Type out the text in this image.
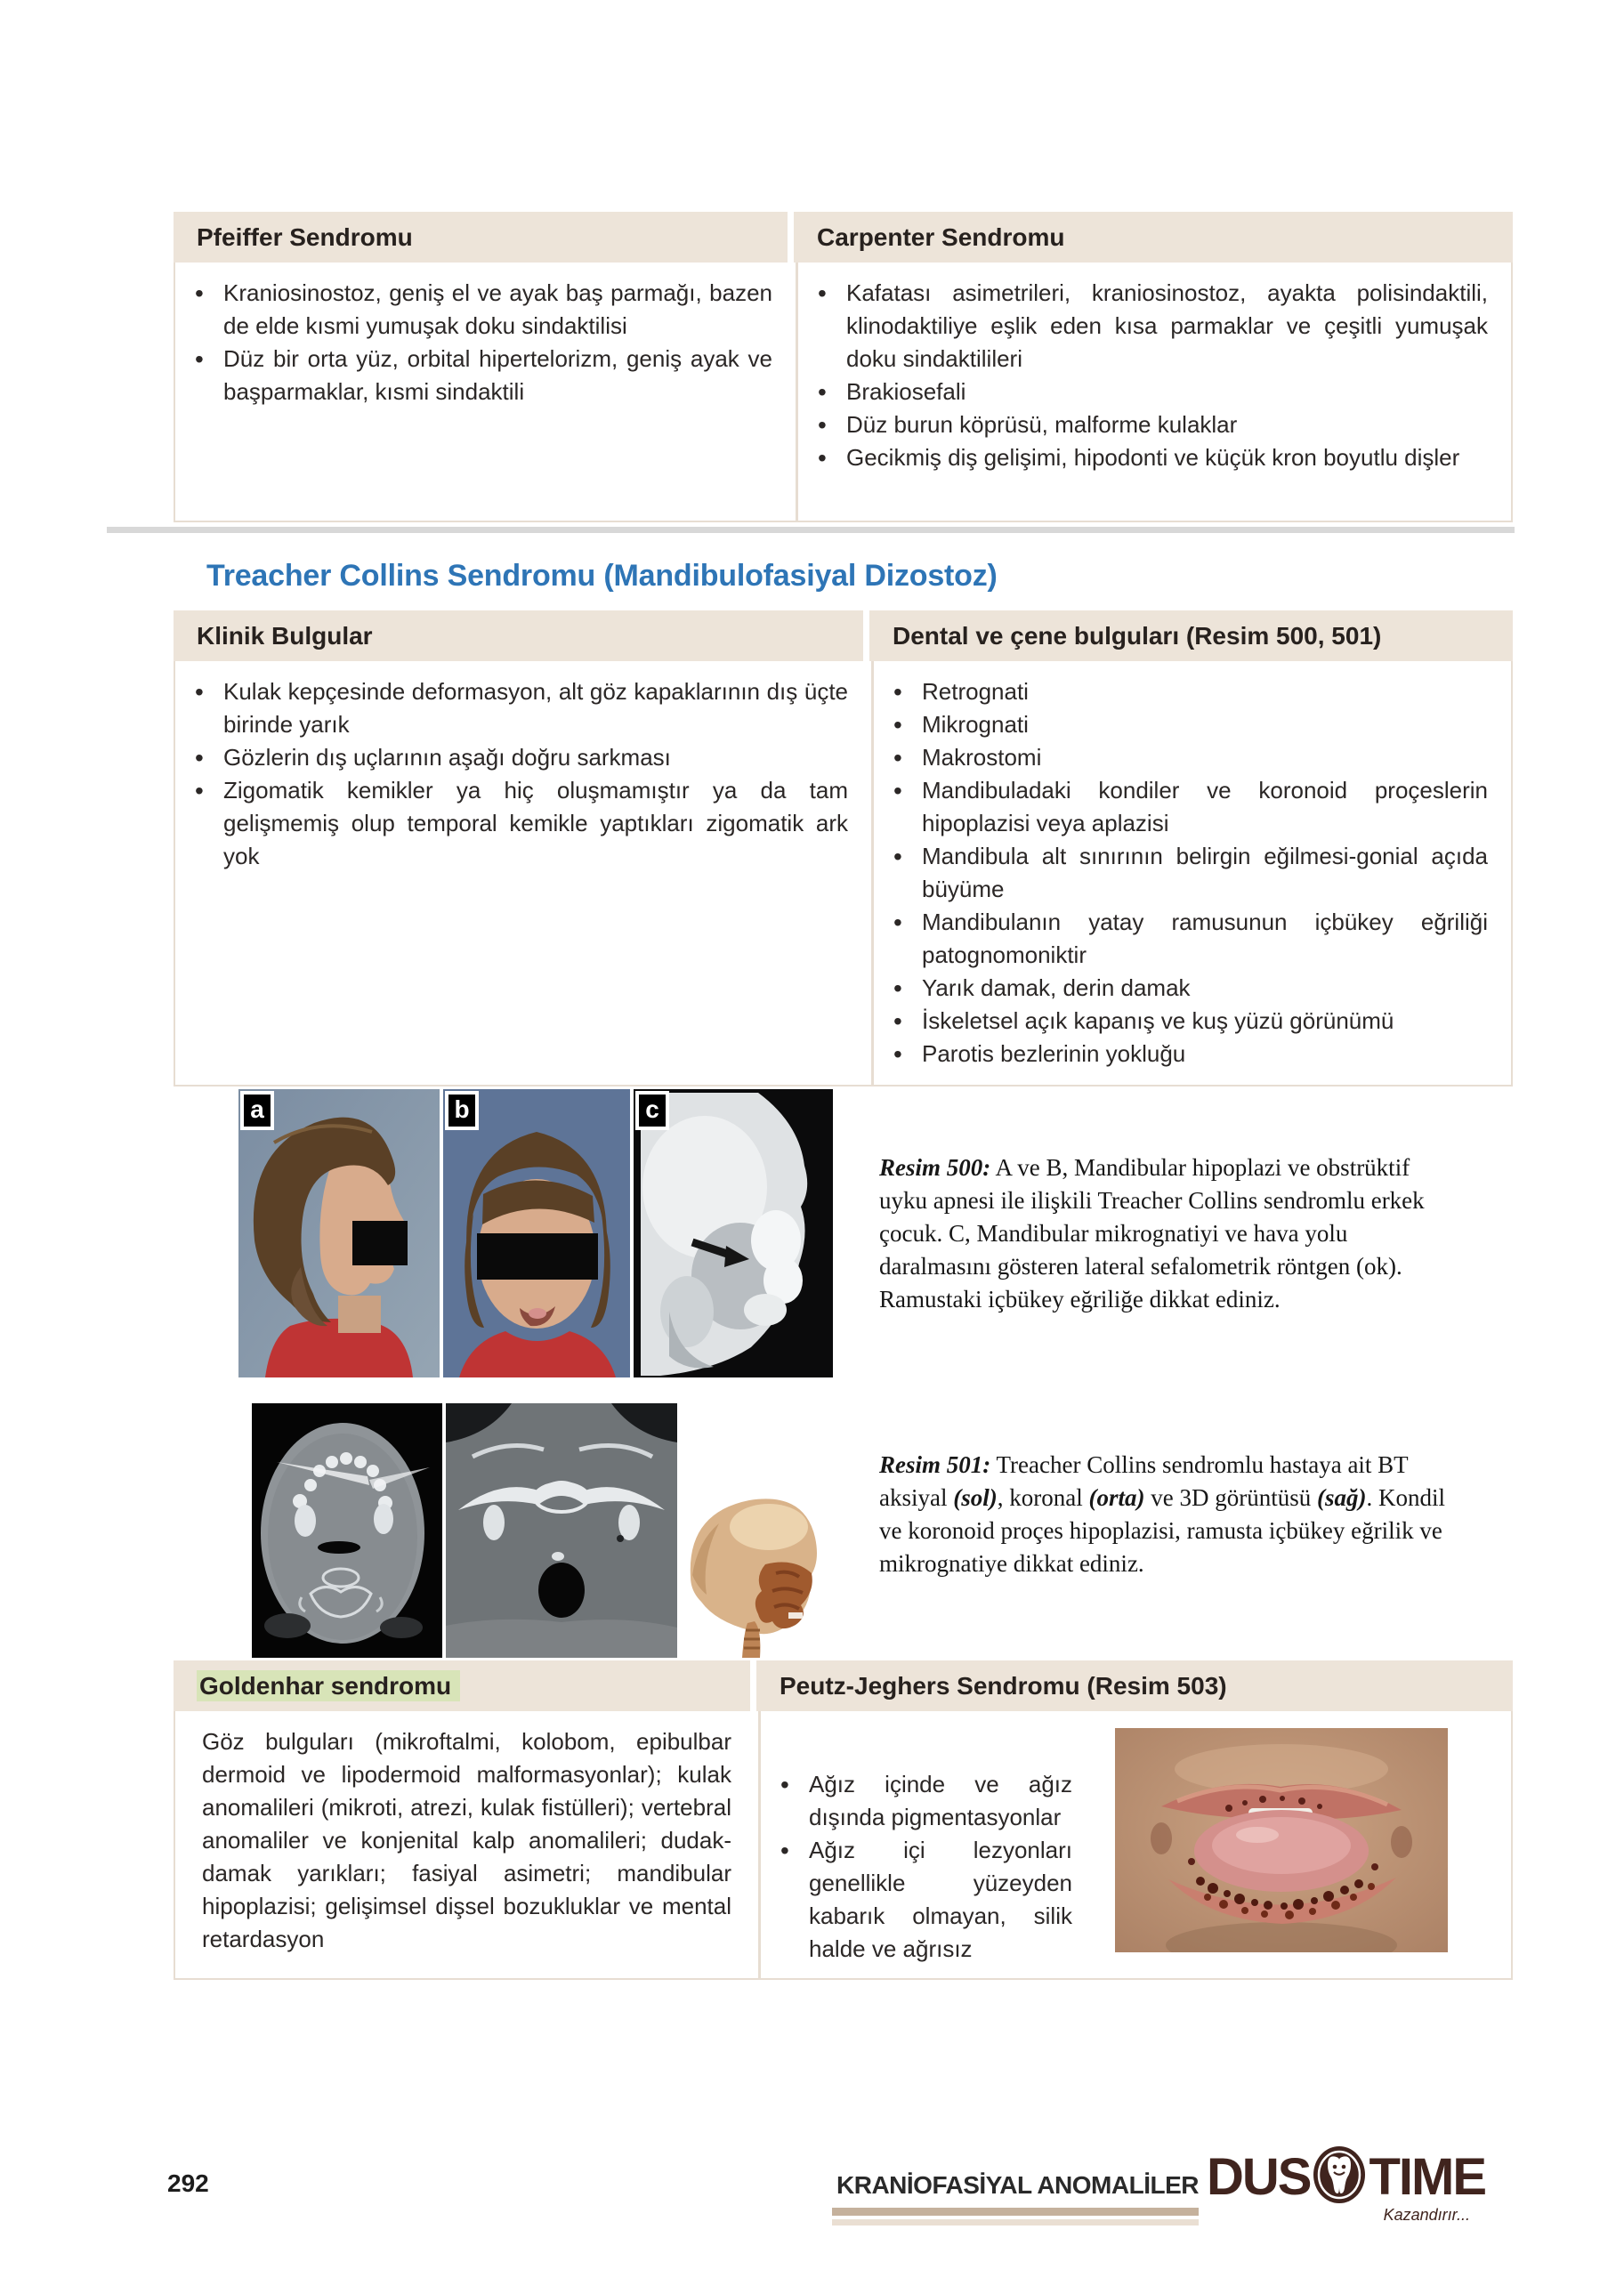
Pfeiffer Sendromu	Carpenter Sendromu
• Kraniosinostoz, geniş el ve ayak baş parmağı, bazen de elde kısmi yumuşak doku sindaktilisi
• Düz bir orta yüz, orbital hipertelorizm, geniş ayak ve başparmaklar, kısmi sindaktili
• Kafatası asimetrileri, kraniosinostoz, ayakta polisindaktili, klinodaktiliye eşlik eden kısa parmaklar ve çeşitli yumuşak doku sindaktilileri
• Brakiosefali
• Düz burun köprüsü, malforme kulaklar
• Gecikmiş diş gelişimi, hipodonti ve küçük kron boyutlu dişler
Treacher Collins Sendromu (Mandibulofasiyal Dizostoz)
Klinik Bulgular	Dental ve çene bulguları (Resim 500, 501)
• Kulak kepçesinde deformasyon, alt göz kapaklarının dış üçte birinde yarık
• Gözlerin dış uçlarının aşağı doğru sarkması
• Zigomatik kemikler ya hiç oluşmamıştır ya da tam gelişmemiş olup temporal kemikle yaptıkları zigomatik ark yok
• Retrognati
• Mikrognati
• Makrostomi
• Mandibuladaki kondiler ve koronoid proçeslerin hipoplazisi veya aplazisi
• Mandibula alt sınırının belirgin eğilmesi-gonial açıda büyüme
• Mandibulanın yatay ramusunun içbükey eğriliği patognomoniktir
• Yarık damak, derin damak
• İskeletsel açık kapanış ve kuş yüzü görünümü
• Parotis bezlerinin yokluğu
a	b	c
Resim 500: A ve B, Mandibular hipoplazi ve obstrüktif uyku apnesi ile ilişkili Treacher Collins sendromlu erkek çocuk. C, Mandibular mikrognatiyi ve hava yolu daralmasını gösteren lateral sefalometrik röntgen (ok). Ramustaki içbükey eğriliğe dikkat ediniz.
Resim 501: Treacher Collins sendromlu hastaya ait BT aksiyal (sol), koronal (orta) ve 3D görüntüsü (sağ). Kondil ve koronoid proçes hipoplazisi, ramusta içbükey eğrilik ve mikrognatiye dikkat ediniz.
Goldenhar sendromu	Peutz-Jeghers Sendromu (Resim 503)
Göz bulguları (mikroftalmi, kolobom, epibulbar dermoid ve lipodermoid malformasyonlar); kulak anomalileri (mikroti, atrezi, kulak fistülleri); vertebral anomaliler ve konjenital kalp anomalileri; dudak-damak yarıkları; fasiyal asimetri; mandibular hipoplazisi; gelişimsel dişsel bozukluklar ve mental retardasyon
• Ağız içinde ve ağız dışında pigmentasyonlar
• Ağız içi lezyonları genellikle yüzeyden kabarık olmayan, silik halde ve ağrısız
292	KRANİOFASİYAL ANOMALİLER DUS TIME
Kazandırır...
